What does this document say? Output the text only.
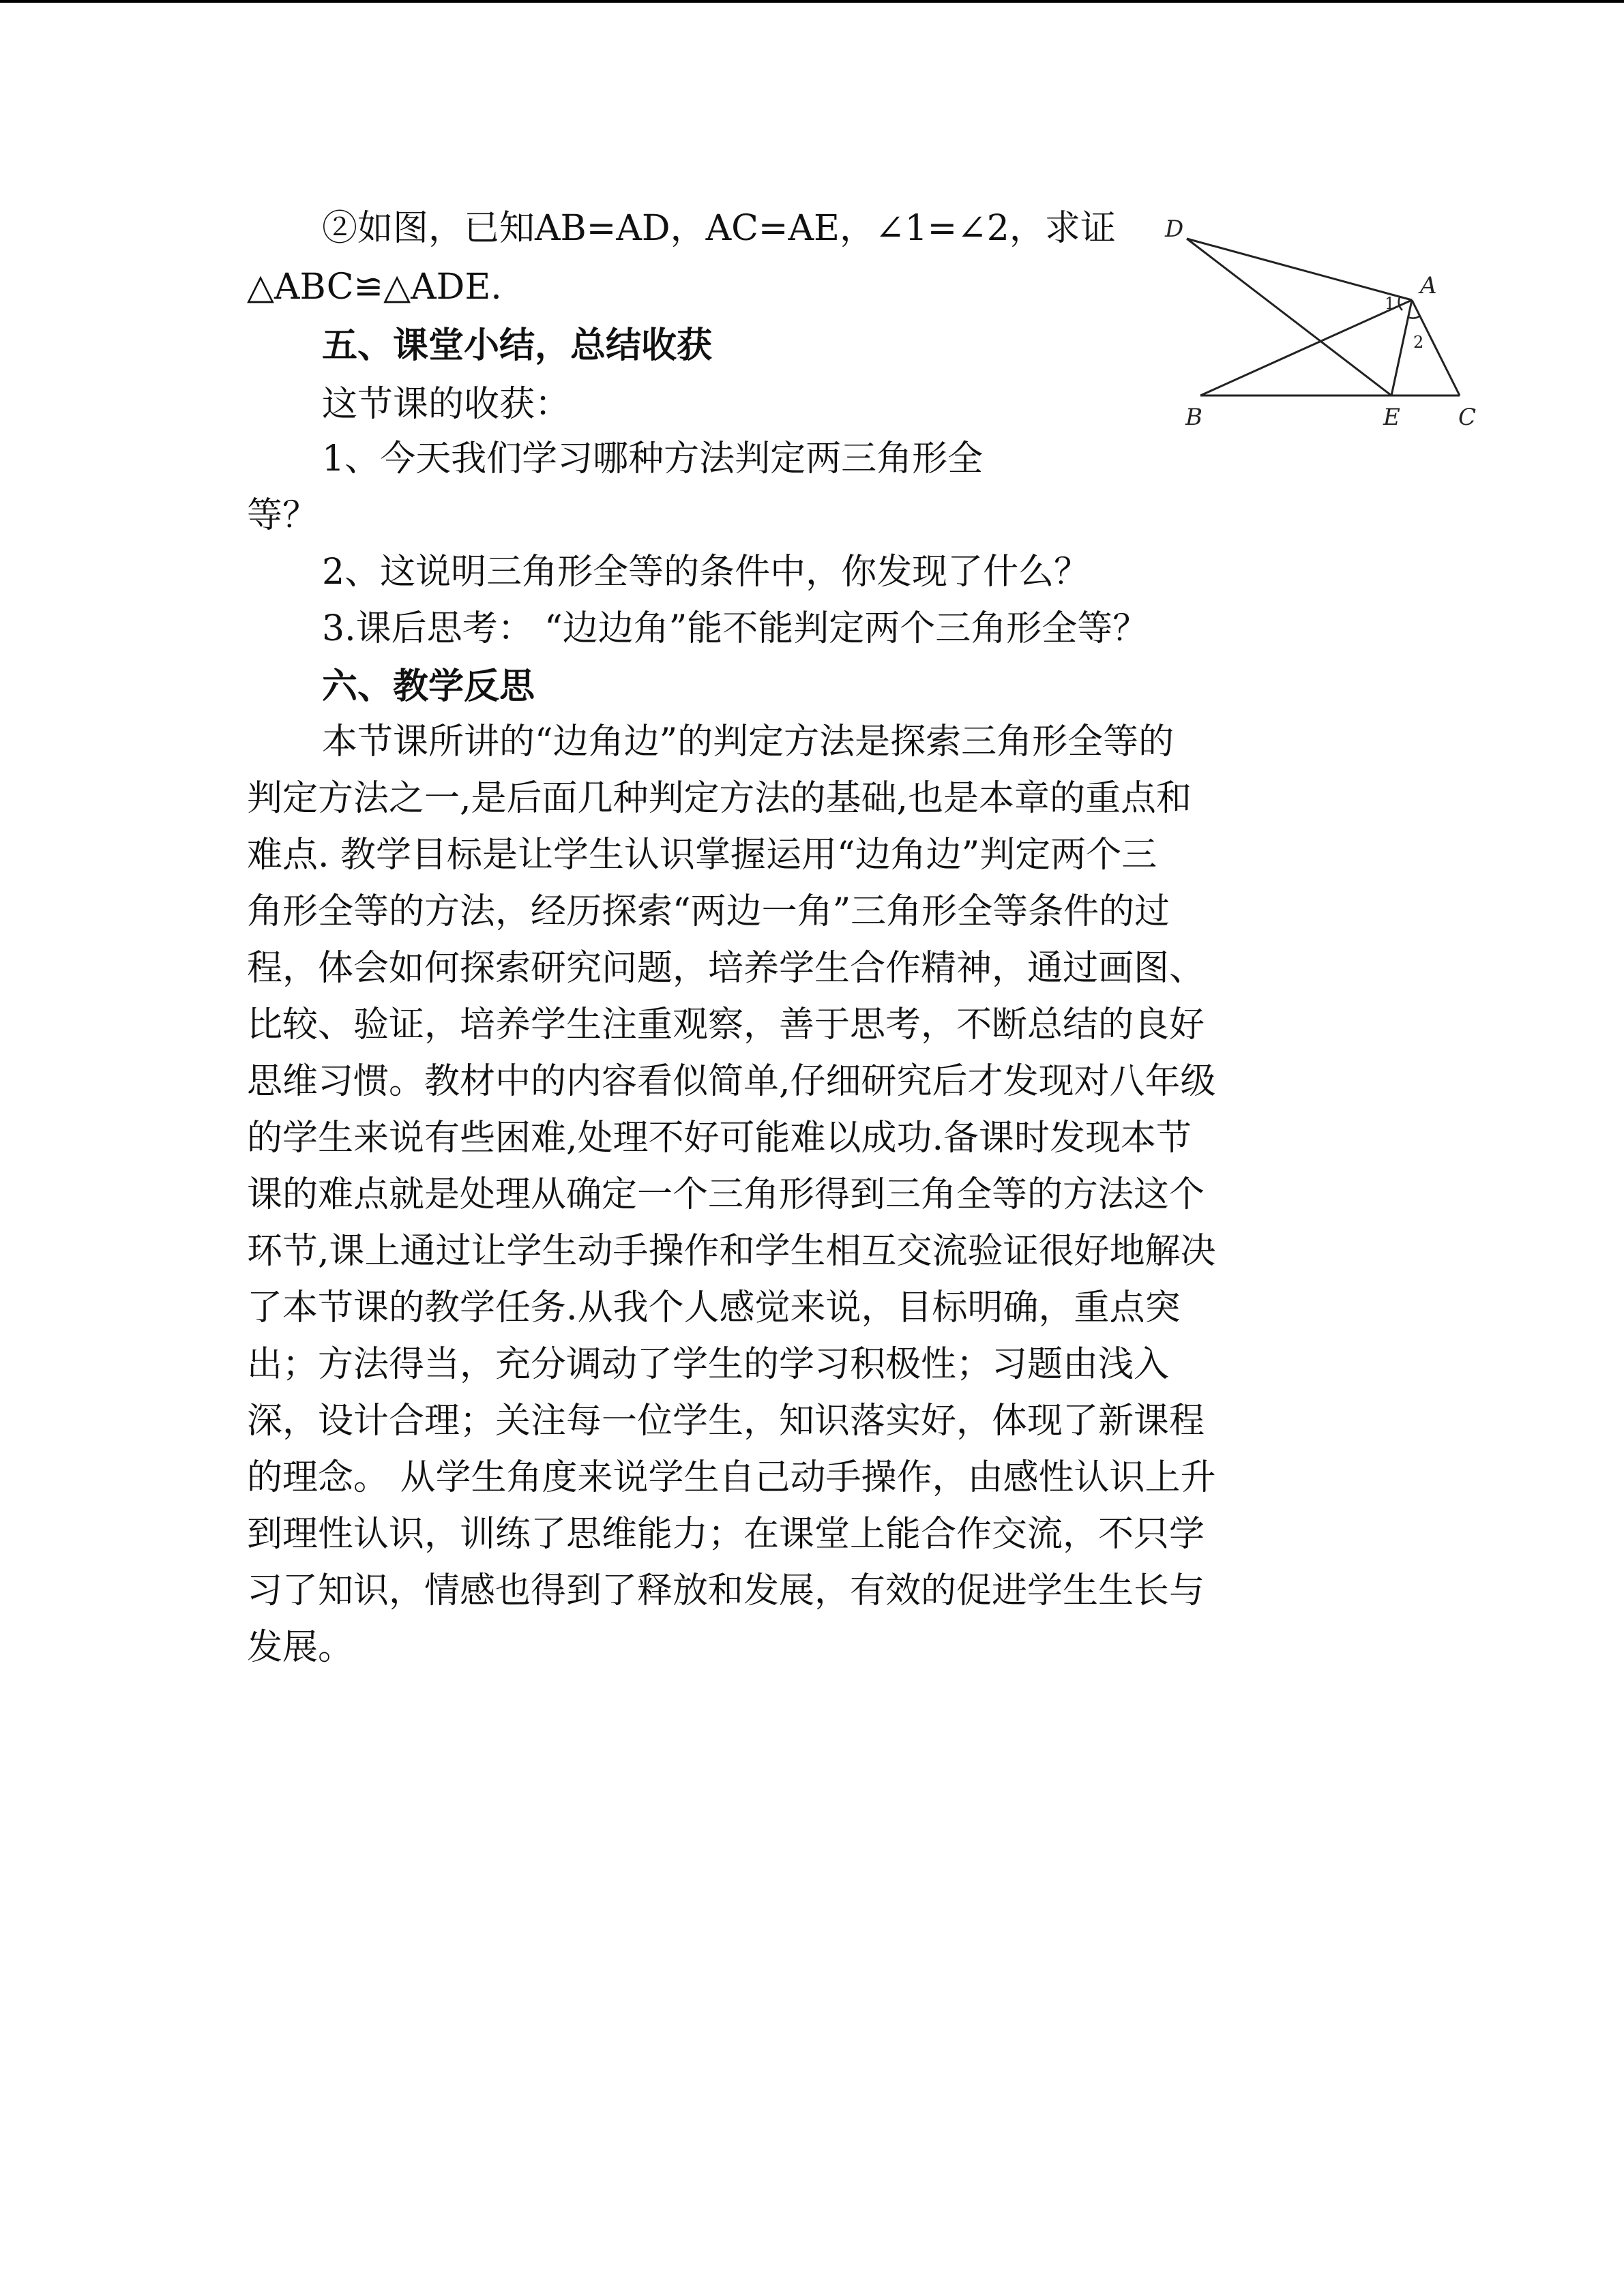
②如图，已知AB=AD，AC=AE，∠1=∠2，求证
△ABC≌△ADE.
D
A
B	E	C
1
2
五、课堂小结，总结收获
这节课的收获：
1、今天我们学习哪种方法判定两三角形全
等？
2、这说明三角形全等的条件中，你发现了什么？
3.课后思考： “边边角”能不能判定两个三角形全等？
六、教学反思
本节课所讲的“边角边”的判定方法是探索三角形全等的
判定方法之一,是后面几种判定方法的基础,也是本章的重点和
难点. 教学目标是让学生认识掌握运用“边角边”判定两个三
角形全等的方法，经历探索“两边一角”三角形全等条件的过
程，体会如何探索研究问题，培养学生合作精神，通过画图、
比较、验证，培养学生注重观察，善于思考，不断总结的良好
思维习惯。教材中的内容看似简单,仔细研究后才发现对八年级
的学生来说有些困难,处理不好可能难以成功.备课时发现本节
课的难点就是处理从确定一个三角形得到三角全等的方法这个
环节,课上通过让学生动手操作和学生相互交流验证很好地解决
了本节课的教学任务.从我个人感觉来说，目标明确，重点突
出；方法得当，充分调动了学生的学习积极性；习题由浅入
深，设计合理；关注每一位学生，知识落实好，体现了新课程
的理念。 从学生角度来说学生自己动手操作，由感性认识上升
到理性认识，训练了思维能力；在课堂上能合作交流，不只学
习了知识，情感也得到了释放和发展，有效的促进学生生长与
发展。
